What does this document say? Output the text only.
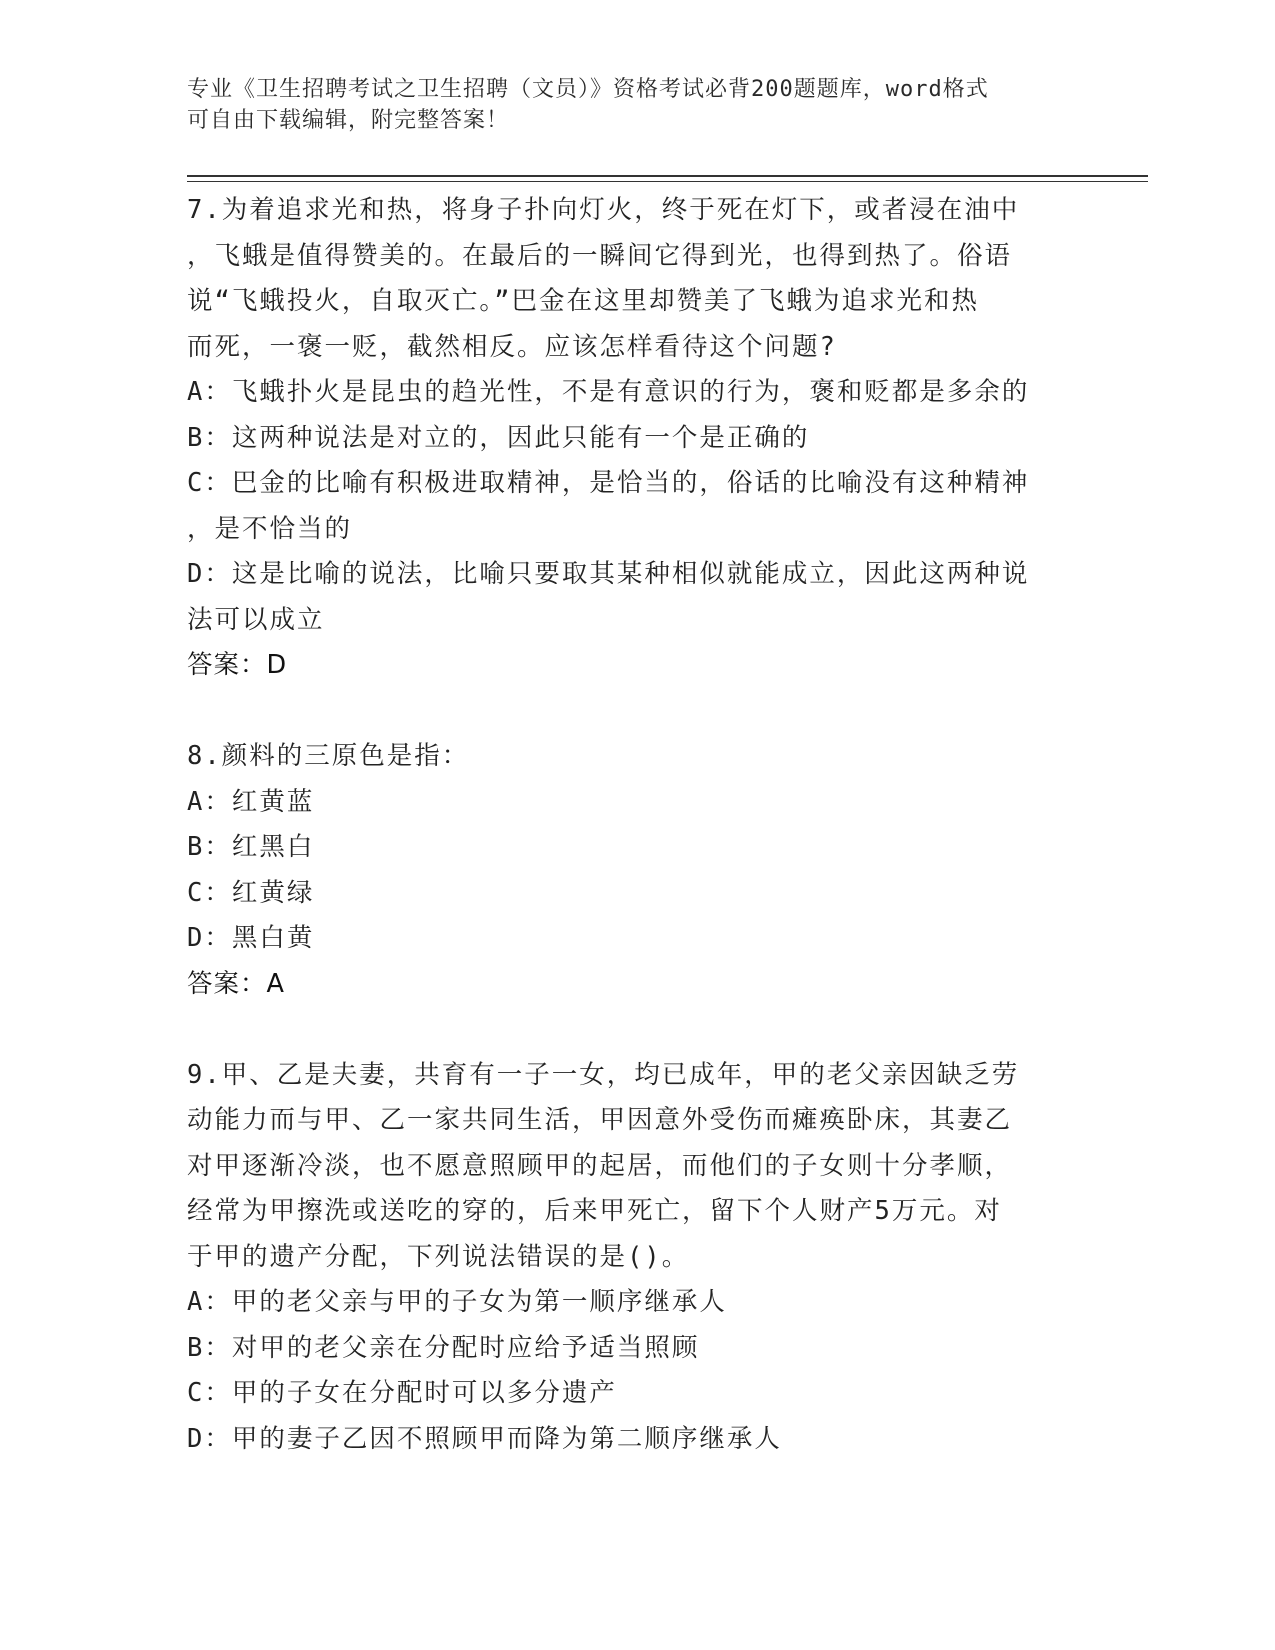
专业《卫生招聘考试之卫生招聘（文员）》资格考试必背200题题库，word格式
可自由下载编辑，附完整答案！
7.为着追求光和热，将身子扑向灯火，终于死在灯下，或者浸在油中
，飞蛾是值得赞美的。在最后的一瞬间它得到光，也得到热了。俗语
说“飞蛾投火，自取灭亡。”巴金在这里却赞美了飞蛾为追求光和热
而死，一褒一贬，截然相反。应该怎样看待这个问题?
A：飞蛾扑火是昆虫的趋光性，不是有意识的行为，褒和贬都是多余的
B：这两种说法是对立的，因此只能有一个是正确的
C：巴金的比喻有积极进取精神，是恰当的，俗话的比喻没有这种精神
，是不恰当的
D：这是比喻的说法，比喻只要取其某种相似就能成立，因此这两种说
法可以成立
答案：D
8.颜料的三原色是指：
A：红黄蓝
B：红黑白
C：红黄绿
D：黑白黄
答案：A
9.甲、乙是夫妻，共育有一子一女，均已成年，甲的老父亲因缺乏劳
动能力而与甲、乙一家共同生活，甲因意外受伤而瘫痪卧床，其妻乙
对甲逐渐冷淡，也不愿意照顾甲的起居，而他们的子女则十分孝顺，
经常为甲擦洗或送吃的穿的，后来甲死亡，留下个人财产5万元。对
于甲的遗产分配，下列说法错误的是()。
A：甲的老父亲与甲的子女为第一顺序继承人
B：对甲的老父亲在分配时应给予适当照顾
C：甲的子女在分配时可以多分遗产
D：甲的妻子乙因不照顾甲而降为第二顺序继承人
